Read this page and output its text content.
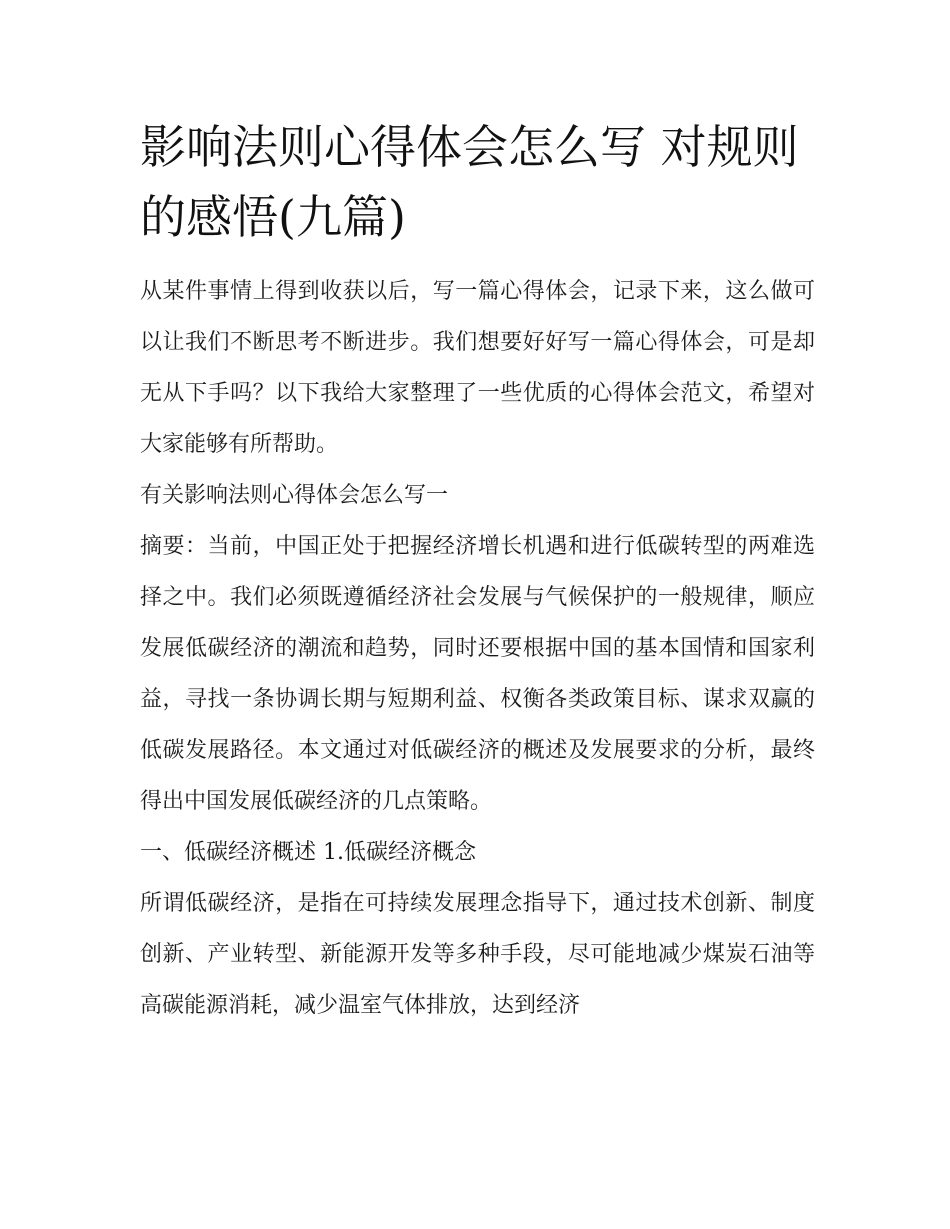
影响法则心得体会怎么写 对规则的感悟(九篇)

从某件事情上得到收获以后，写一篇心得体会，记录下来，这么做可以让我们不断思考不断进步。我们想要好好写一篇心得体会，可是却无从下手吗？以下我给大家整理了一些优质的心得体会范文，希望对大家能够有所帮助。

有关影响法则心得体会怎么写一

摘要：当前，中国正处于把握经济增长机遇和进行低碳转型的两难选择之中。我们必须既遵循经济社会发展与气候保护的一般规律，顺应发展低碳经济的潮流和趋势，同时还要根据中国的基本国情和国家利益，寻找一条协调长期与短期利益、权衡各类政策目标、谋求双赢的低碳发展路径。本文通过对低碳经济的概述及发展要求的分析，最终得出中国发展低碳经济的几点策略。

一、低碳经济概述 1.低碳经济概念

所谓低碳经济，是指在可持续发展理念指导下，通过技术创新、制度创新、产业转型、新能源开发等多种手段，尽可能地减少煤炭石油等高碳能源消耗，减少温室气体排放，达到经济
